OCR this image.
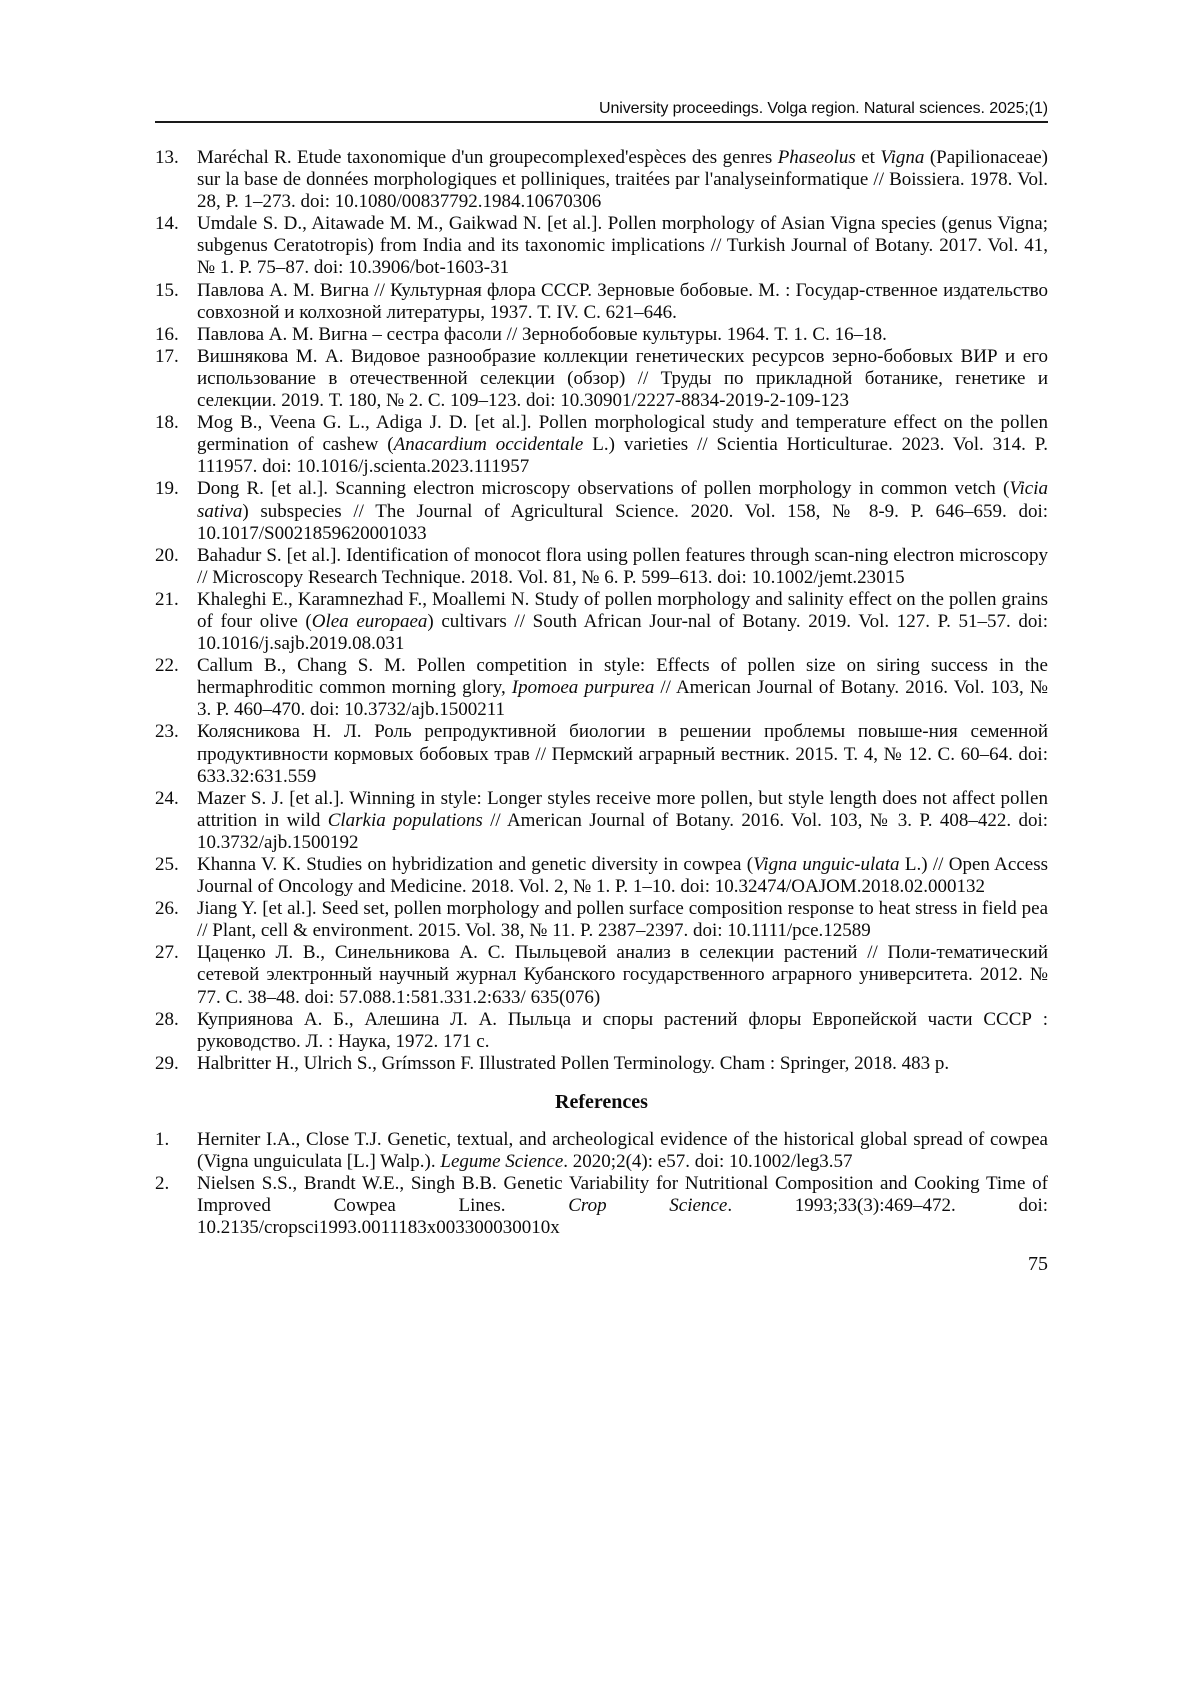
University proceedings. Volga region. Natural sciences. 2025;(1)
13. Maréchal R. Etude taxonomique d'un groupecomplexed'espèces des genres Phaseolus et Vigna (Papilionaceae) sur la base de données morphologiques et polliniques, traitées par l'analyseinformatique // Boissiera. 1978. Vol. 28, P. 1–273. doi: 10.1080/00837792.1984.10670306
14. Umdale S. D., Aitawade M. M., Gaikwad N. [et al.]. Pollen morphology of Asian Vigna species (genus Vigna; subgenus Ceratotropis) from India and its taxonomic implications // Turkish Journal of Botany. 2017. Vol. 41, № 1. P. 75–87. doi: 10.3906/bot-1603-31
15. Павлова А. М. Вигна // Культурная флора СССР. Зерновые бобовые. М. : Государ-ственное издательство совхозной и колхозной литературы, 1937. Т. IV. С. 621–646.
16. Павлова А. М. Вигна – сестра фасоли // Зернобобовые культуры. 1964. Т. 1. С. 16–18.
17. Вишнякова М. А. Видовое разнообразие коллекции генетических ресурсов зерно-бобовых ВИР и его использование в отечественной селекции (обзор) // Труды по прикладной ботанике, генетике и селекции. 2019. Т. 180, № 2. С. 109–123. doi: 10.30901/2227-8834-2019-2-109-123
18. Mog B., Veena G. L., Adiga J. D. [et al.]. Pollen morphological study and temperature effect on the pollen germination of cashew (Anacardium occidentale L.) varieties // Scientia Horticulturae. 2023. Vol. 314. P. 111957. doi: 10.1016/j.scienta.2023.111957
19. Dong R. [et al.]. Scanning electron microscopy observations of pollen morphology in common vetch (Vicia sativa) subspecies // The Journal of Agricultural Science. 2020. Vol. 158, № 8-9. P. 646–659. doi: 10.1017/S0021859620001033
20. Bahadur S. [et al.]. Identification of monocot flora using pollen features through scan-ning electron microscopy // Microscopy Research Technique. 2018. Vol. 81, № 6. P. 599–613. doi: 10.1002/jemt.23015
21. Khaleghi E., Karamnezhad F., Moallemi N. Study of pollen morphology and salinity effect on the pollen grains of four olive (Olea europaea) cultivars // South African Jour-nal of Botany. 2019. Vol. 127. P. 51–57. doi: 10.1016/j.sajb.2019.08.031
22. Callum B., Chang S. M. Pollen competition in style: Effects of pollen size on siring success in the hermaphroditic common morning glory, Ipomoea purpurea // American Journal of Botany. 2016. Vol. 103, № 3. P. 460–470. doi: 10.3732/ajb.1500211
23. Колясникова Н. Л. Роль репродуктивной биологии в решении проблемы повыше-ния семенной продуктивности кормовых бобовых трав // Пермский аграрный вестник. 2015. Т. 4, № 12. С. 60–64. doi: 633.32:631.559
24. Mazer S. J. [et al.]. Winning in style: Longer styles receive more pollen, but style length does not affect pollen attrition in wild Clarkia populations // American Journal of Botany. 2016. Vol. 103, № 3. P. 408–422. doi: 10.3732/ajb.1500192
25. Khanna V. K. Studies on hybridization and genetic diversity in cowpea (Vigna unguic-ulata L.) // Open Access Journal of Oncology and Medicine. 2018. Vol. 2, № 1. P. 1–10. doi: 10.32474/OAJOM.2018.02.000132
26. Jiang Y. [et al.]. Seed set, pollen morphology and pollen surface composition response to heat stress in field pea // Plant, cell & environment. 2015. Vol. 38, № 11. P. 2387–2397. doi: 10.1111/pce.12589
27. Цаценко Л. В., Синельникова А. С. Пыльцевой анализ в селекции растений // Поли-тематический сетевой электронный научный журнал Кубанского государственного аграрного университета. 2012. № 77. С. 38–48. doi: 57.088.1:581.331.2:633/ 635(076)
28. Куприянова А. Б., Алешина Л. А. Пыльца и споры растений флоры Европейской части СССР : руководство. Л. : Наука, 1972. 171 с.
29. Halbritter H., Ulrich S., Grímsson F. Illustrated Pollen Terminology. Cham : Springer, 2018. 483 p.
References
1.	Herniter I.A., Close T.J. Genetic, textual, and archeological evidence of the historical global spread of cowpea (Vigna unguiculata [L.] Walp.). Legume Science. 2020;2(4): e57. doi: 10.1002/leg3.57
2.	Nielsen S.S., Brandt W.E., Singh B.B. Genetic Variability for Nutritional Composition and Cooking Time of Improved Cowpea Lines. Crop Science. 1993;33(3):469–472. doi: 10.2135/cropsci1993.0011183x003300030010x
75
